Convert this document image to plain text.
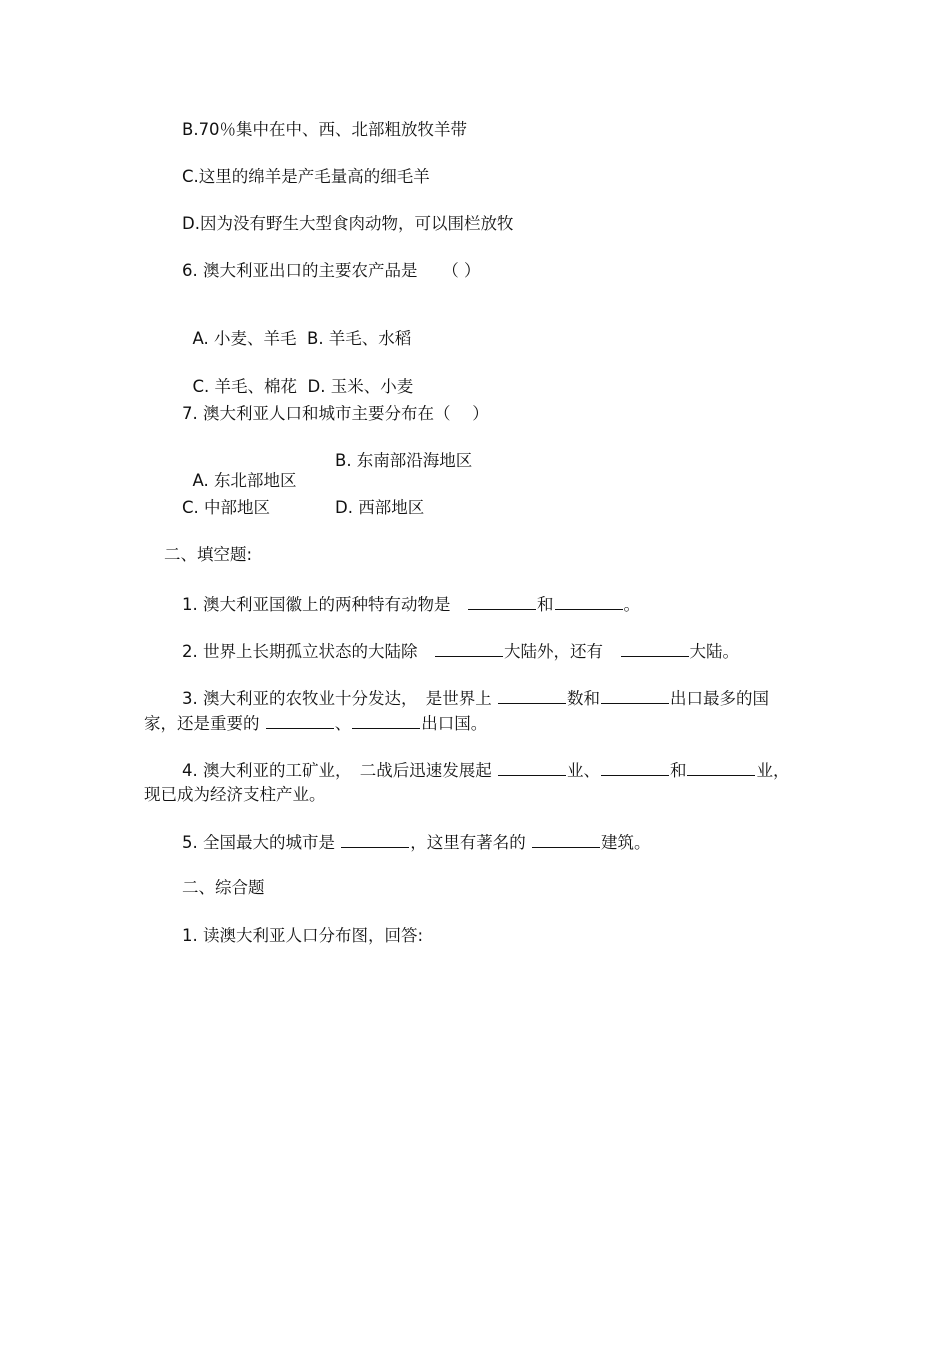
B.70％集中在中、西、北部粗放牧羊带
C.这里的绵羊是产毛量高的细毛羊
D.因为没有野生大型食肉动物，可以围栏放牧
6. 澳大利亚出口的主要农产品是　　（ ）

A. 小麦、羊毛 B. 羊毛、水稻

C. 羊毛、棉花 D. 玉米、小麦

7. 澳大利亚人口和城市主要分布在（　 ）

A. 东北部地区

B. 东南部沿海地区
C. 中部地区	D. 西部地区
二、填空题:
1. 澳大利亚国徽上的两种特有动物是　	和	。
2. 世界上长期孤立状态的大陆除　	大陆外，还有　	大陆。
3. 澳大利亚的农牧业十分发达，　是世界上	数和	出口最多的国
家，还是重要的	、	出口国。
4. 澳大利亚的工矿业，　二战后迅速发展起	业、	和	业，
现已成为经济支柱产业。
5. 全国最大的城市是	，这里有著名的	建筑。
二、综合题
1. 读澳大利亚人口分布图，回答:
